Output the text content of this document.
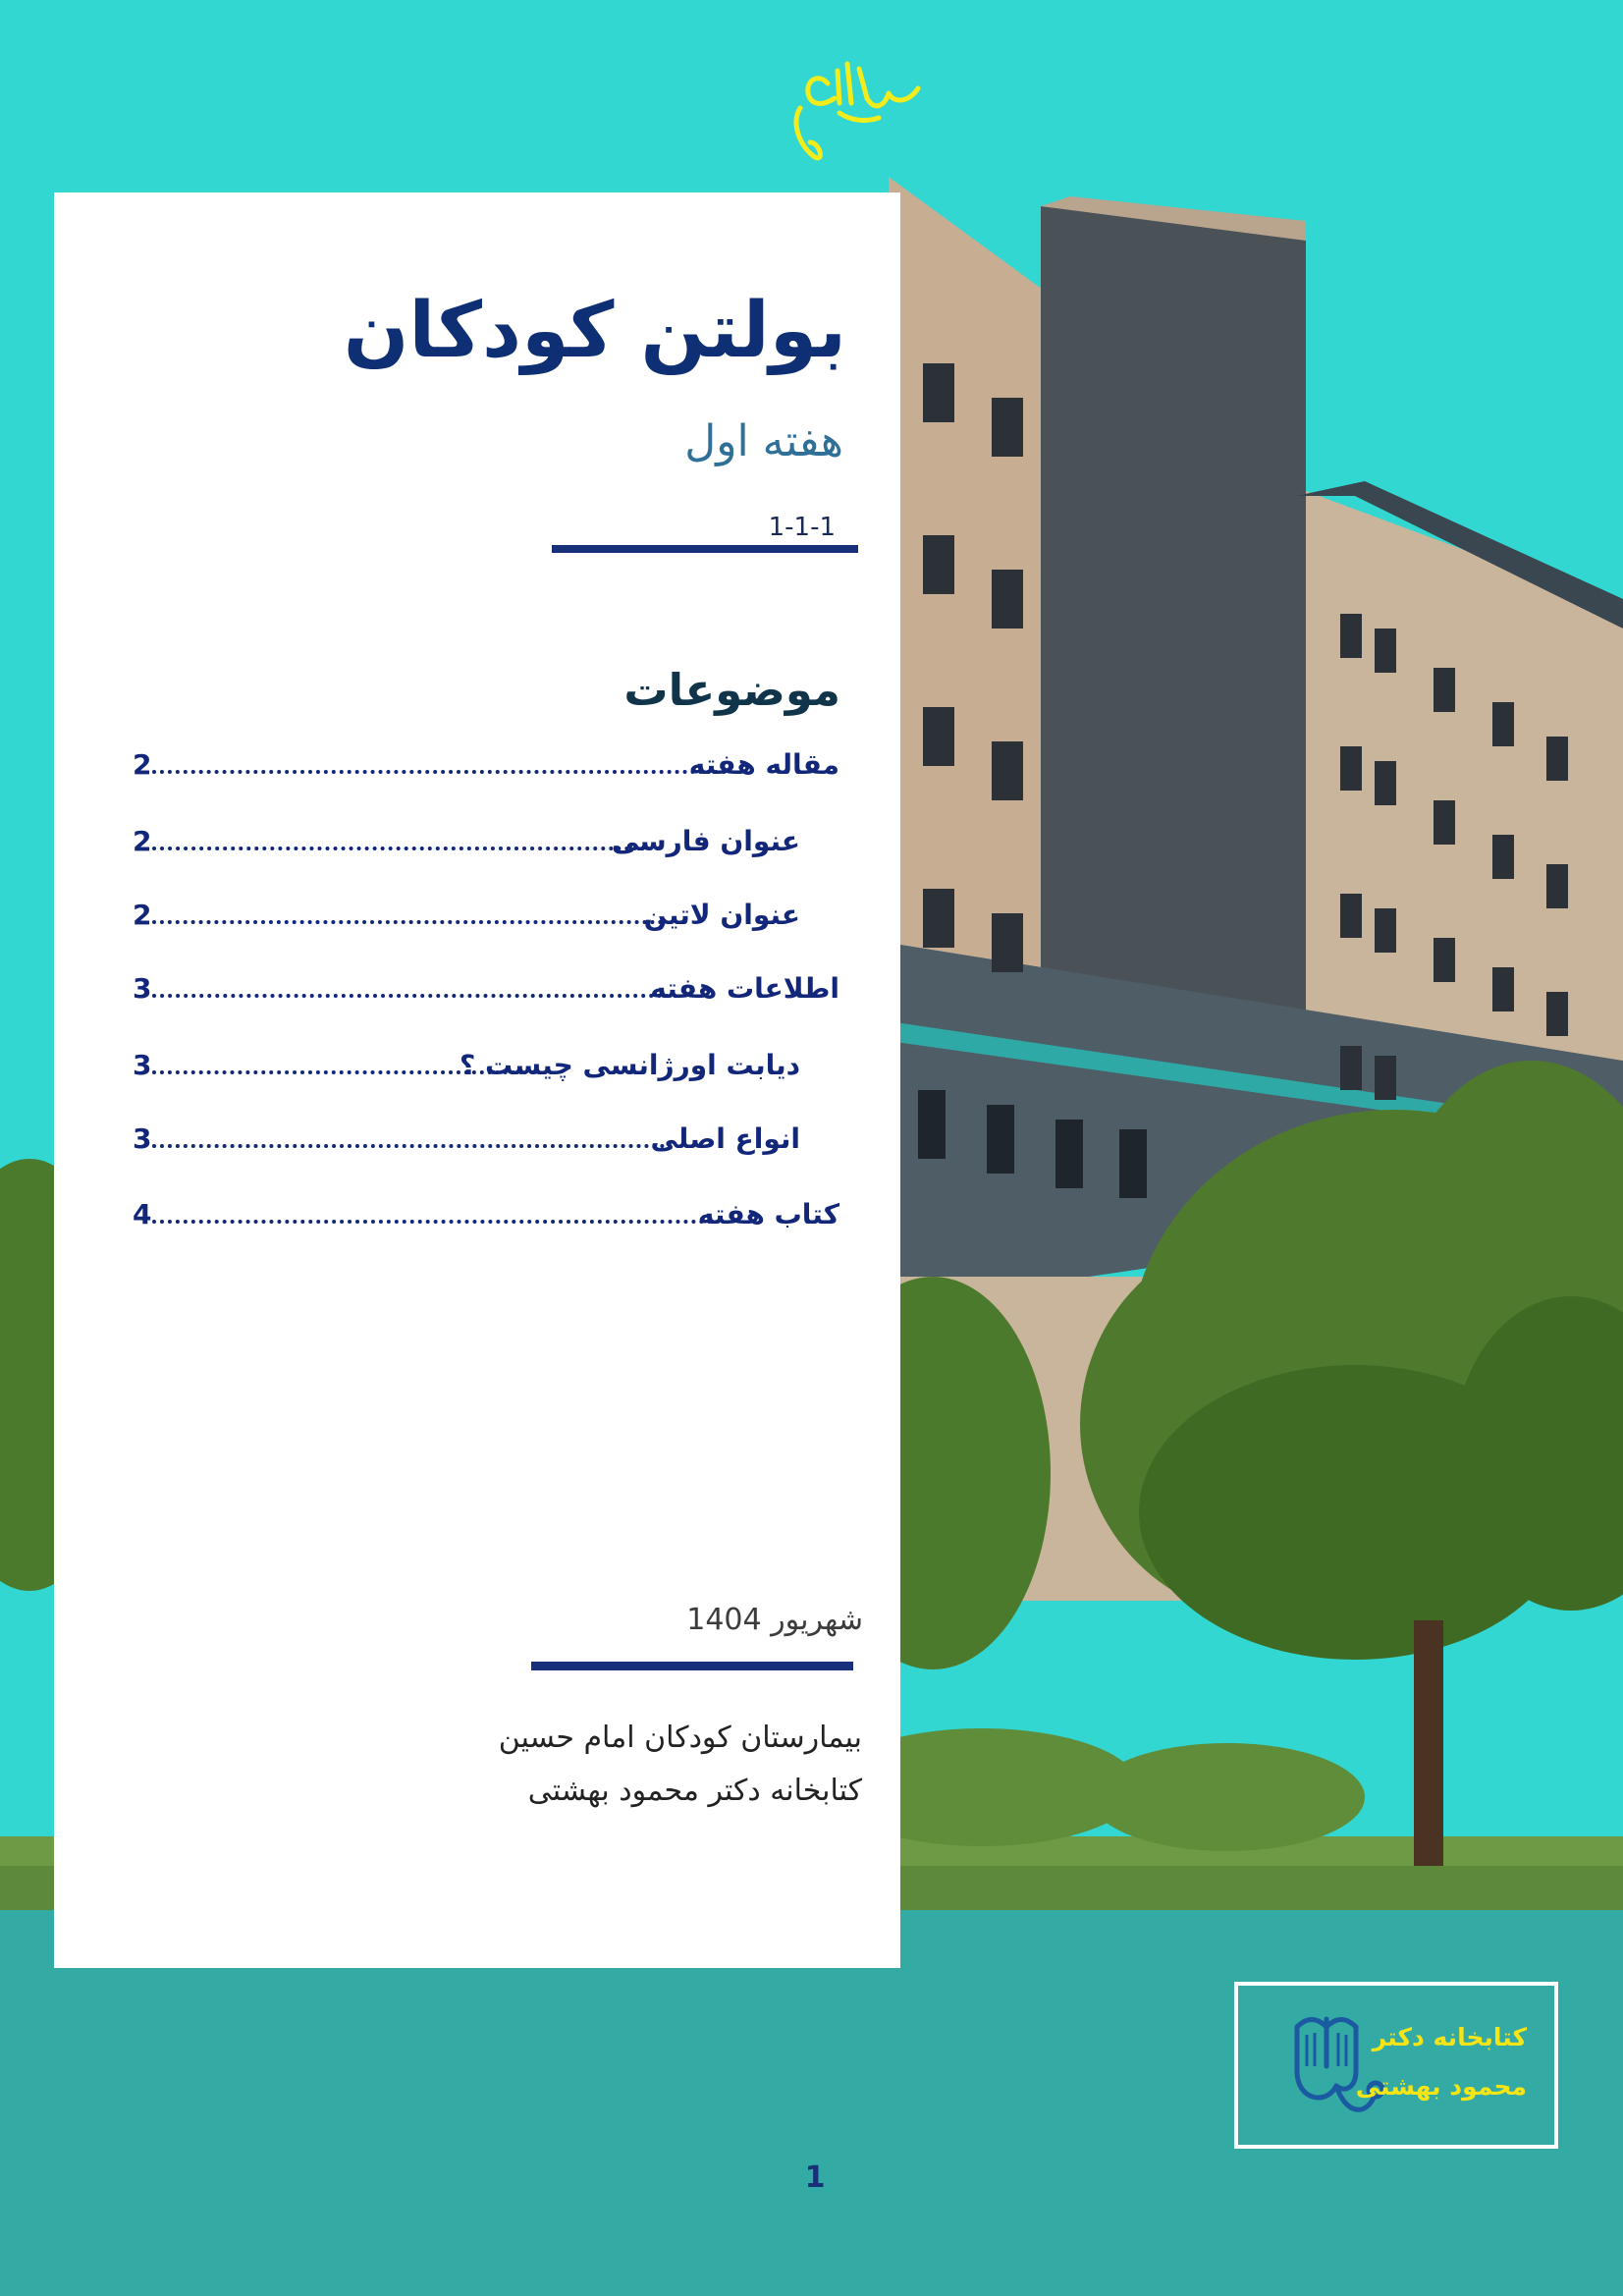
بولتن کودکان
هفته اول
1-1-1
موضوعات
2	مقاله هفته
2	عنوان فارسی
2	عنوان لاتین
3	اطلاعات هفته
3	دیابت اورژانسی چیست ؟
3	انواع اصلی
4	کتاب هفته
شهریور 1404
بیمارستان کودکان امام حسین
کتابخانه دکتر محمود بهشتی
کتابخانه دکتر
محمود بهشتی
1
